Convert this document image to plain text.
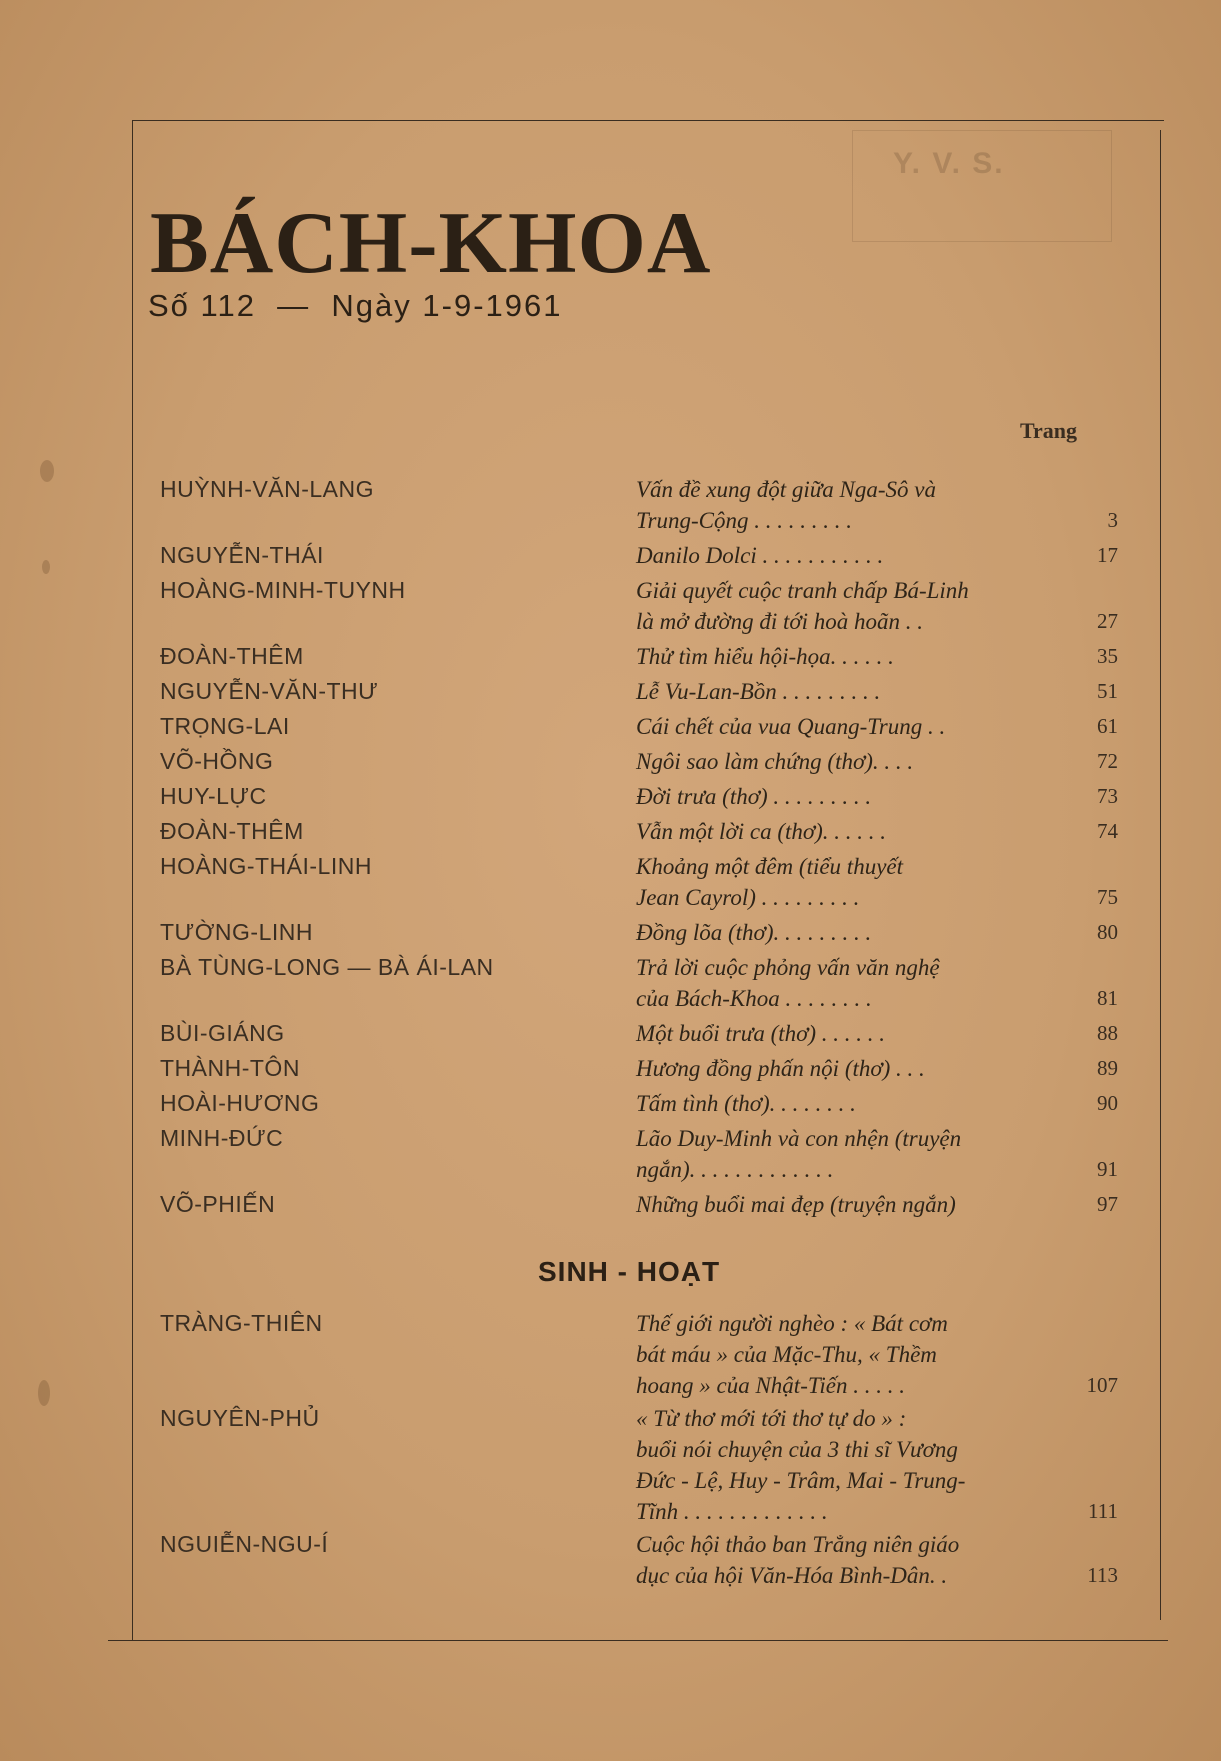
Y. V. S.
BÁCH-KHOA
Số 112  —  Ngày 1-9-1961
Trang
HUỲNH-VĂN-LANG	Vấn đề xung đột giữa Nga-Sô và
Trung-Cộng . . . . . . . . .	3
NGUYỄN-THÁI	Danilo Dolci . . . . . . . . . . .	17
HOÀNG-MINH-TUYNH	Giải quyết cuộc tranh chấp Bá-Linh
là mở đường đi tới hoà hoãn . .	27
ĐOÀN-THÊM	Thử tìm hiểu hội-họa. . . . . .	35
NGUYỄN-VĂN-THƯ	Lễ Vu-Lan-Bồn . . . . . . . . .	51
TRỌNG-LAI	Cái chết của vua Quang-Trung . .	61
VÕ-HỒNG	Ngôi sao làm chứng (thơ). . . .	72
HUY-LỰC	Đời trưa (thơ) . . . . . . . . .	73
ĐOÀN-THÊM	Vẫn một lời ca (thơ). . . . . .	74
HOÀNG-THÁI-LINH	Khoảng một đêm (tiểu thuyết
Jean Cayrol) . . . . . . . . .	75
TƯỜNG-LINH	Đồng lõa (thơ). . . . . . . . .	80
BÀ TÙNG-LONG — BÀ ÁI-LAN	Trả lời cuộc phỏng vấn văn nghệ
của Bách-Khoa . . . . . . . .	81
BÙI-GIÁNG	Một buổi trưa (thơ) . . . . . .	88
THÀNH-TÔN	Hương đồng phấn nội (thơ) . . .	89
HOÀI-HƯƠNG	Tấm tình (thơ). . . . . . . .	90
MINH-ĐỨC	Lão Duy-Minh và con nhện (truyện
ngắn). . . . . . . . . . . . .	91
VÕ-PHIẾN	Những buổi mai đẹp (truyện ngắn)	97
TRÀNG-THIÊN	Thế giới người nghèo : « Bát cơm
bát máu » của Mặc-Thu, « Thềm
hoang » của Nhật-Tiến . . . . .	107
NGUYÊN-PHỦ	« Từ thơ mới tới thơ tự do » :
buổi nói chuyện của 3 thi sĩ Vương
Đức - Lệ, Huy - Trâm, Mai - Trung-
Tĩnh . . . . . . . . . . . . .	111
NGUIỄN-NGU-Í	Cuộc hội thảo ban Trẳng niên giáo
dục của hội Văn-Hóa Bình-Dân. .	113
SINH - HOẠT
